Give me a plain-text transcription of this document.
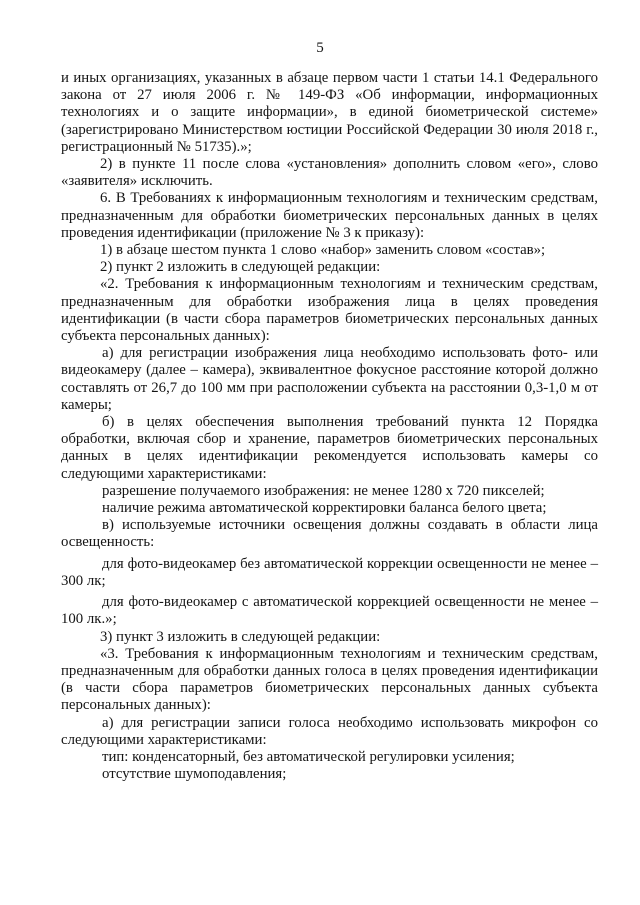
5

и иных организациях, указанных в абзаце первом части 1 статьи 14.1 Федерального закона от 27 июля 2006 г. № 149-ФЗ «Об информации, информационных технологиях и о защите информации», в единой биометрической системе» (зарегистрировано Министерством юстиции Российской Федерации 30 июля 2018 г., регистрационный № 51735).»;

2) в пункте 11 после слова «установления» дополнить словом «его», слово «заявителя» исключить.

6. В Требованиях к информационным технологиям и техническим средствам, предназначенным для обработки биометрических персональных данных в целях проведения идентификации (приложение № 3 к приказу):

1) в абзаце шестом пункта 1 слово «набор» заменить словом «состав»;

2) пункт 2 изложить в следующей редакции:

«2. Требования к информационным технологиям и техническим средствам, предназначенным для обработки изображения лица в целях проведения идентификации (в части сбора параметров биометрических персональных данных субъекта персональных данных):

а) для регистрации изображения лица необходимо использовать фото- или видеокамеру (далее – камера), эквивалентное фокусное расстояние которой должно составлять от 26,7 до 100 мм при расположении субъекта на расстоянии 0,3-1,0 м от камеры;

б) в целях обеспечения выполнения требований пункта 12 Порядка обработки, включая сбор и хранение, параметров биометрических персональных данных в целях идентификации рекомендуется использовать камеры со следующими характеристиками:

разрешение получаемого изображения: не менее 1280 x 720 пикселей;

наличие режима автоматической корректировки баланса белого цвета;

в) используемые источники освещения должны создавать в области лица освещенность:

для фото-видеокамер без автоматической коррекции освещенности не менее – 300 лк;

для фото-видеокамер с автоматической коррекцией освещенности не менее – 100 лк.»;

3) пункт 3 изложить в следующей редакции:

«3. Требования к информационным технологиям и техническим средствам, предназначенным для обработки данных голоса в целях проведения идентификации (в части сбора параметров биометрических персональных данных субъекта персональных данных):

а) для регистрации записи голоса необходимо использовать микрофон со следующими характеристиками:

тип: конденсаторный, без автоматической регулировки усиления;

отсутствие шумоподавления;
